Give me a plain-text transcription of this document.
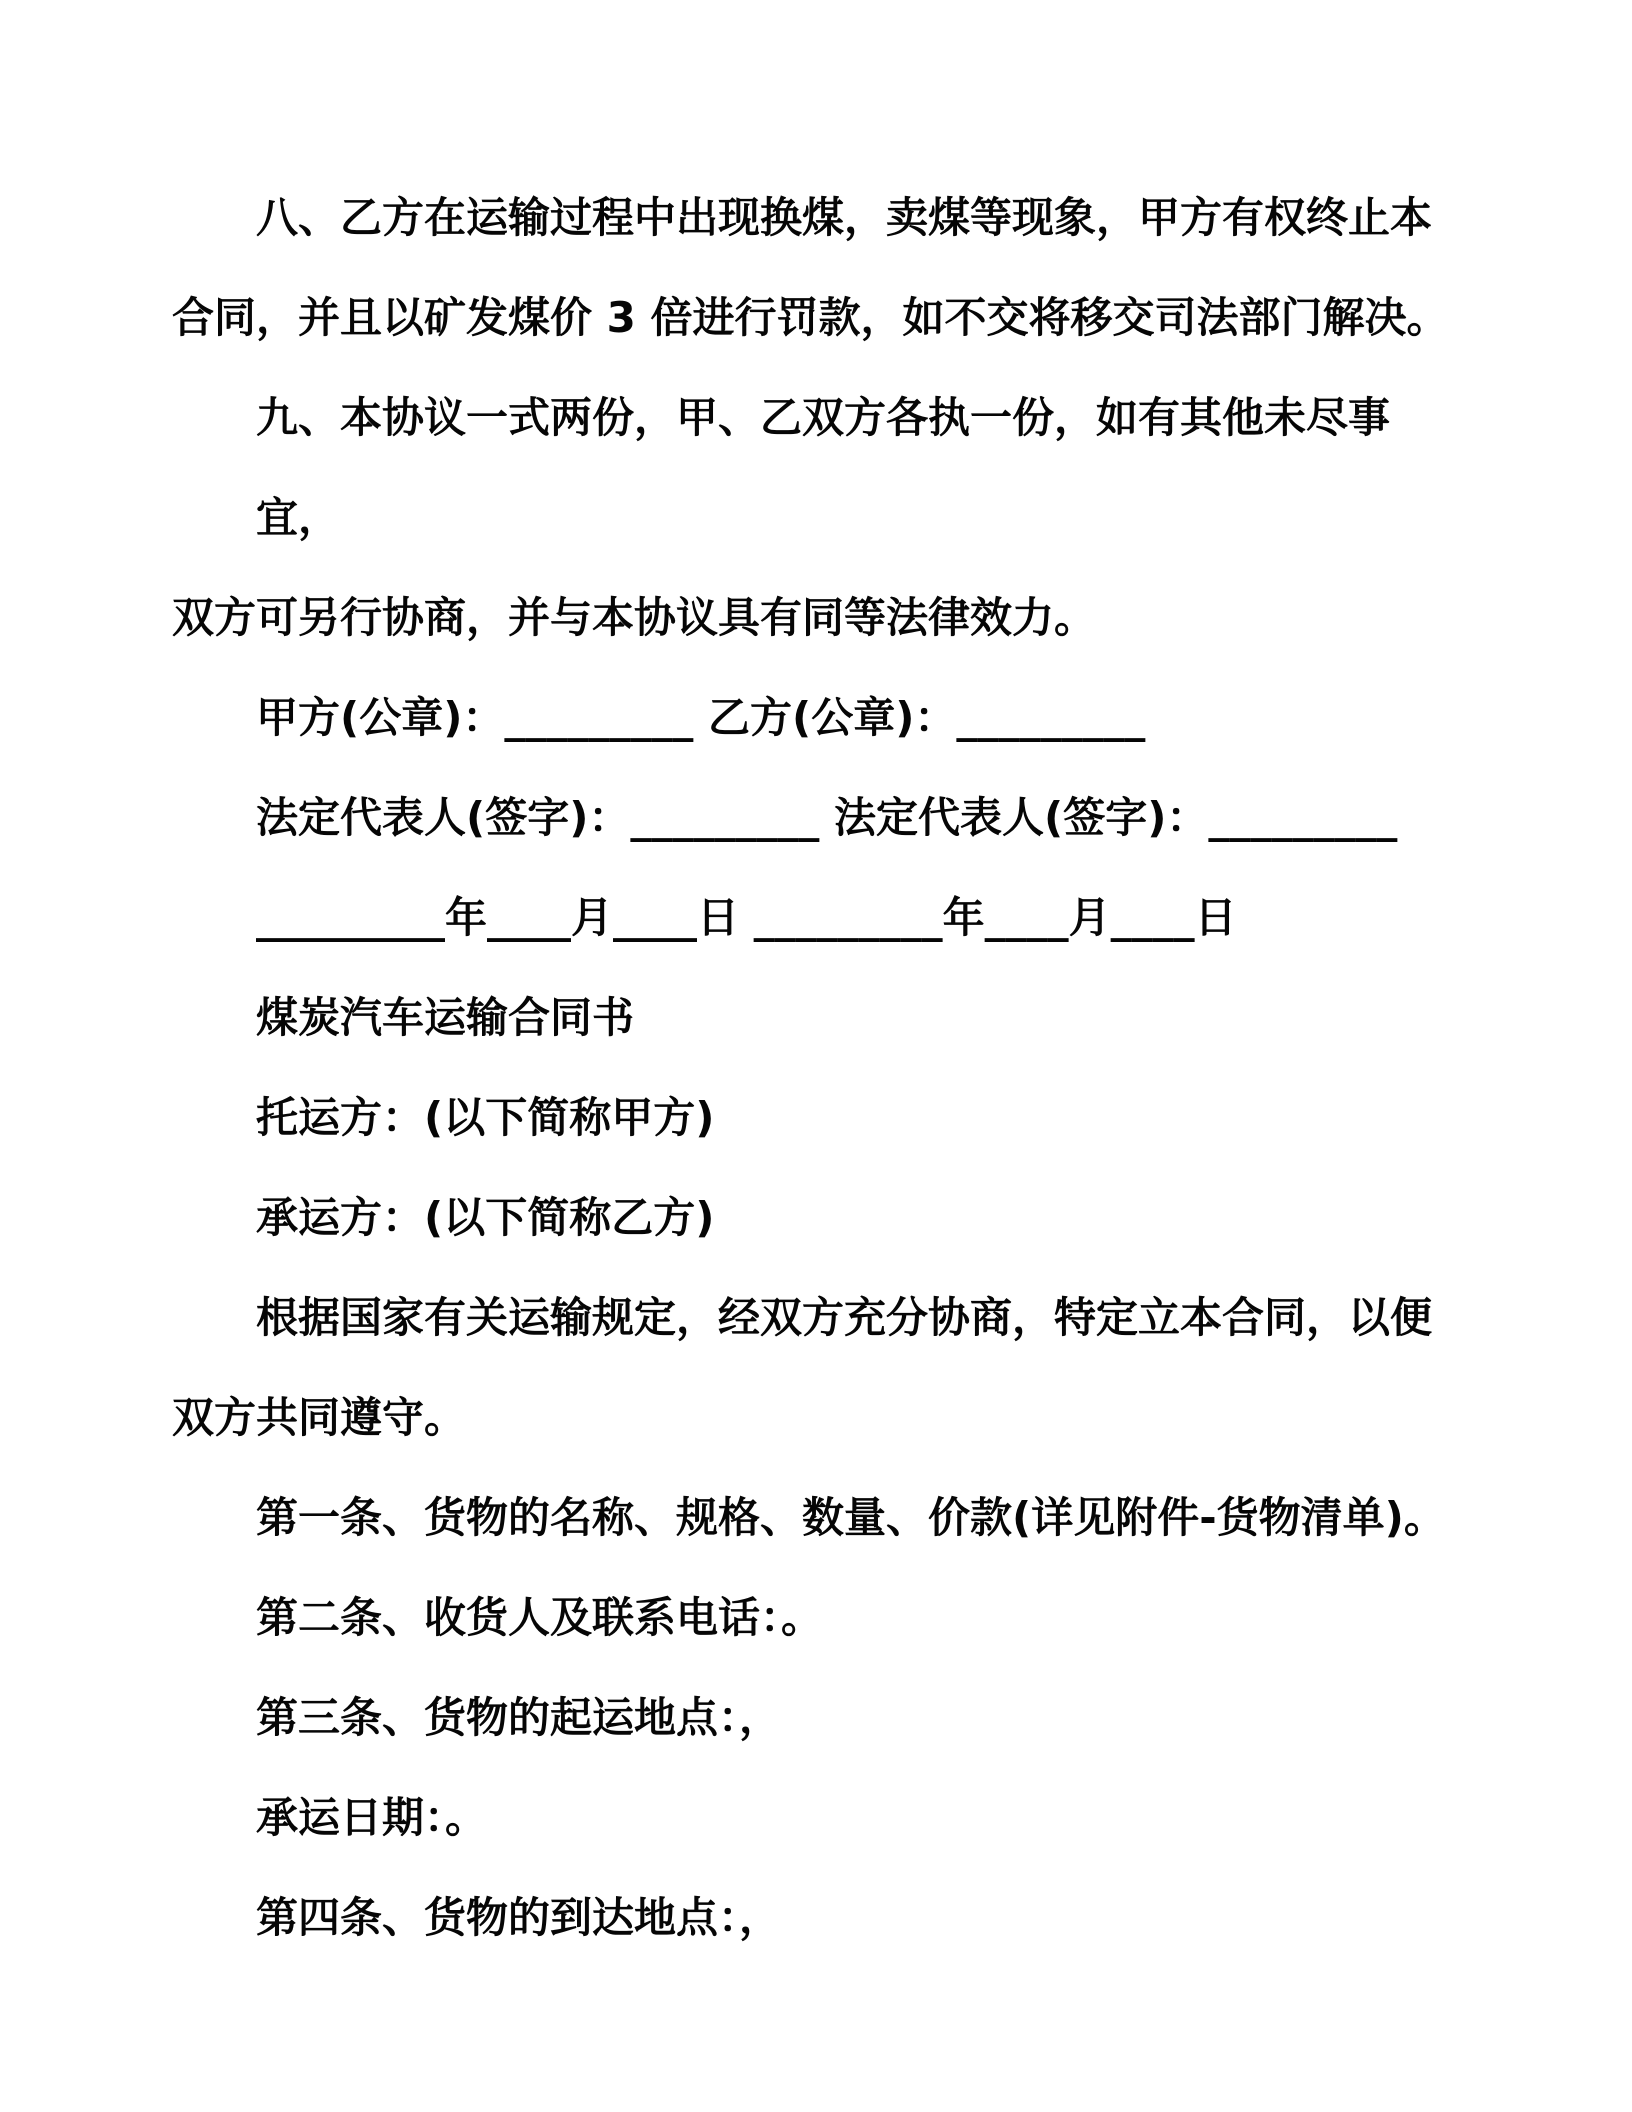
八、乙方在运输过程中出现换煤，卖煤等现象，甲方有权终止本
合同，并且以矿发煤价 3 倍进行罚款，如不交将移交司法部门解决。
九、本协议一式两份，甲、乙双方各执一份，如有其他未尽事宜，
双方可另行协商，并与本协议具有同等法律效力。
甲方(公章)：_________ 乙方(公章)：_________
法定代表人(签字)：_________ 法定代表人(签字)：_________
_________年____月____日 _________年____月____日
煤炭汽车运输合同书
托运方：(以下简称甲方)
承运方：(以下简称乙方)
根据国家有关运输规定，经双方充分协商，特定立本合同，以便
双方共同遵守。
第一条、货物的名称、规格、数量、价款(详见附件-货物清单)。
第二条、收货人及联系电话：。
第三条、货物的起运地点：，
承运日期：。
第四条、货物的到达地点：，
